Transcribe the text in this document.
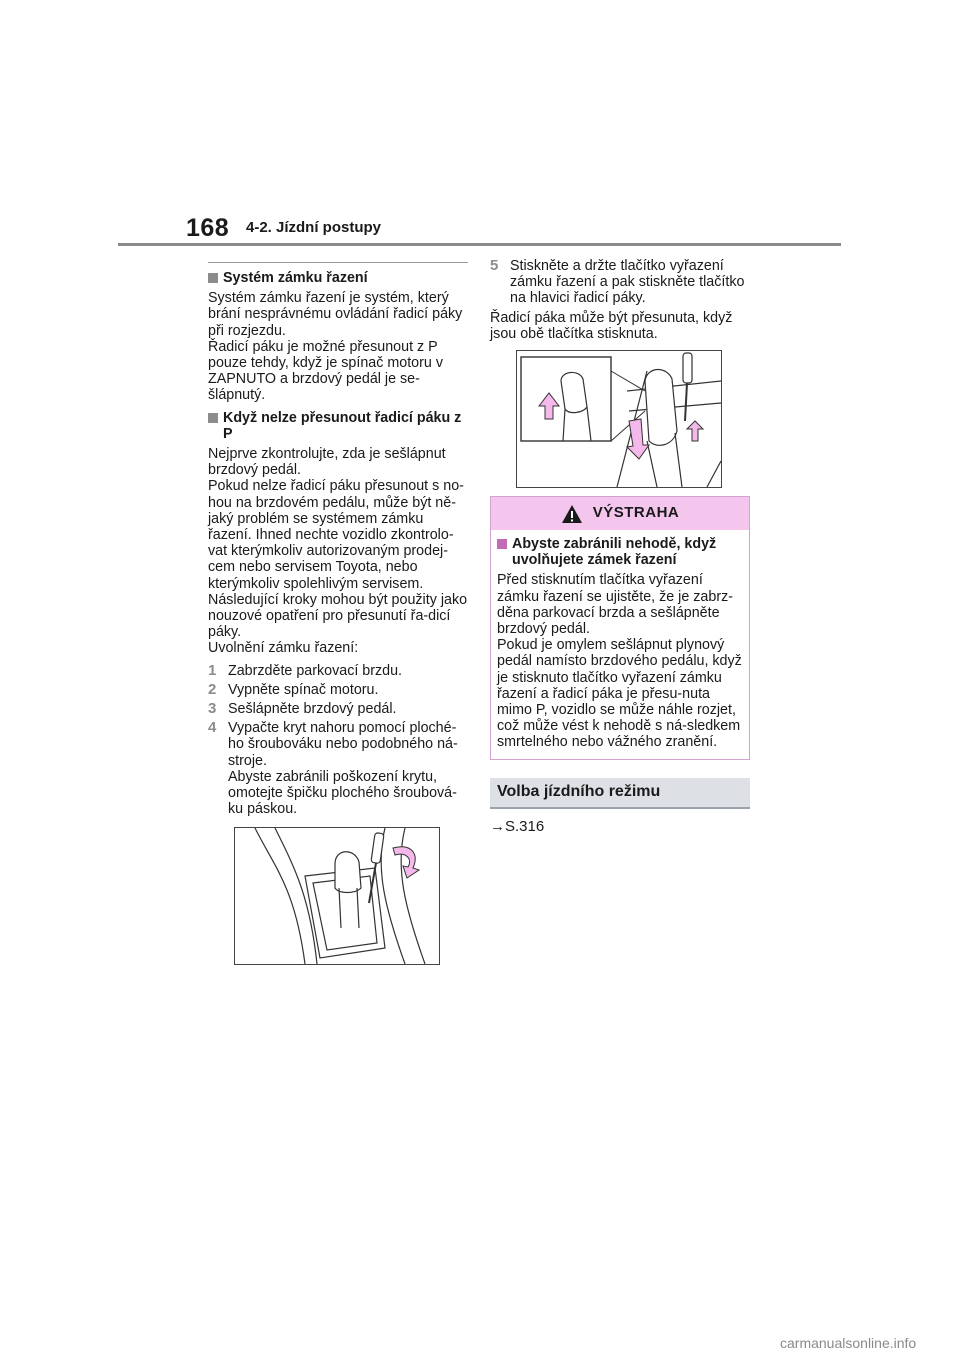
168 4-2. Jízdní postupy
Systém zámku řazení

Systém zámku řazení je systém, který brání nesprávnému ovládání řadicí páky při rozjezdu.
Řadicí páku je možné přesunout z P pouze tehdy, když je spínač motoru v ZAPNUTO a brzdový pedál je se-šlápnutý.

Když nelze přesunout řadicí páku z P

Nejprve zkontrolujte, zda je sešlápnut brzdový pedál.
Pokud nelze řadicí páku přesunout s no-hou na brzdovém pedálu, může být ně-jaký problém se systémem zámku řazení. Ihned nechte vozidlo zkontrolo-vat kterýmkoliv autorizovaným prodej-cem nebo servisem Toyota, nebo kterýmkoliv spolehlivým servisem.
Následující kroky mohou být použity jako nouzové opatření pro přesunutí řa-dicí páky.
Uvolnění zámku řazení:

1 Zabrzděte parkovací brzdu.
2 Vypněte spínač motoru.
3 Sešlápněte brzdový pedál.
4 Vypačte kryt nahoru pomocí ploché-ho šroubováku nebo podobného ná-stroje.
Abyste zabránili poškození krytu, omotejte špičku plochého šroubová-ku páskou.
5 Stiskněte a držte tlačítko vyřazení zámku řazení a pak stiskněte tlačítko na hlavici řadicí páky.

Řadicí páka může být přesunuta, když jsou obě tlačítka stisknuta.

VÝSTRAHA
Abyste zabránili nehodě, když uvolňujete zámek řazení

Před stisknutím tlačítka vyřazení zámku řazení se ujistěte, že je zabrz-děna parkovací brzda a sešlápněte brzdový pedál.
Pokud je omylem sešlápnut plynový pedál namísto brzdového pedálu, když je stisknuto tlačítko vyřazení zámku řazení a řadicí páka je přesu-nuta mimo P, vozidlo se může náhle rozjet, což může vést k nehodě s ná-sledkem smrtelného nebo vážného zranění.

Volba jízdního režimu
→S.316
carmanualsonline.info
